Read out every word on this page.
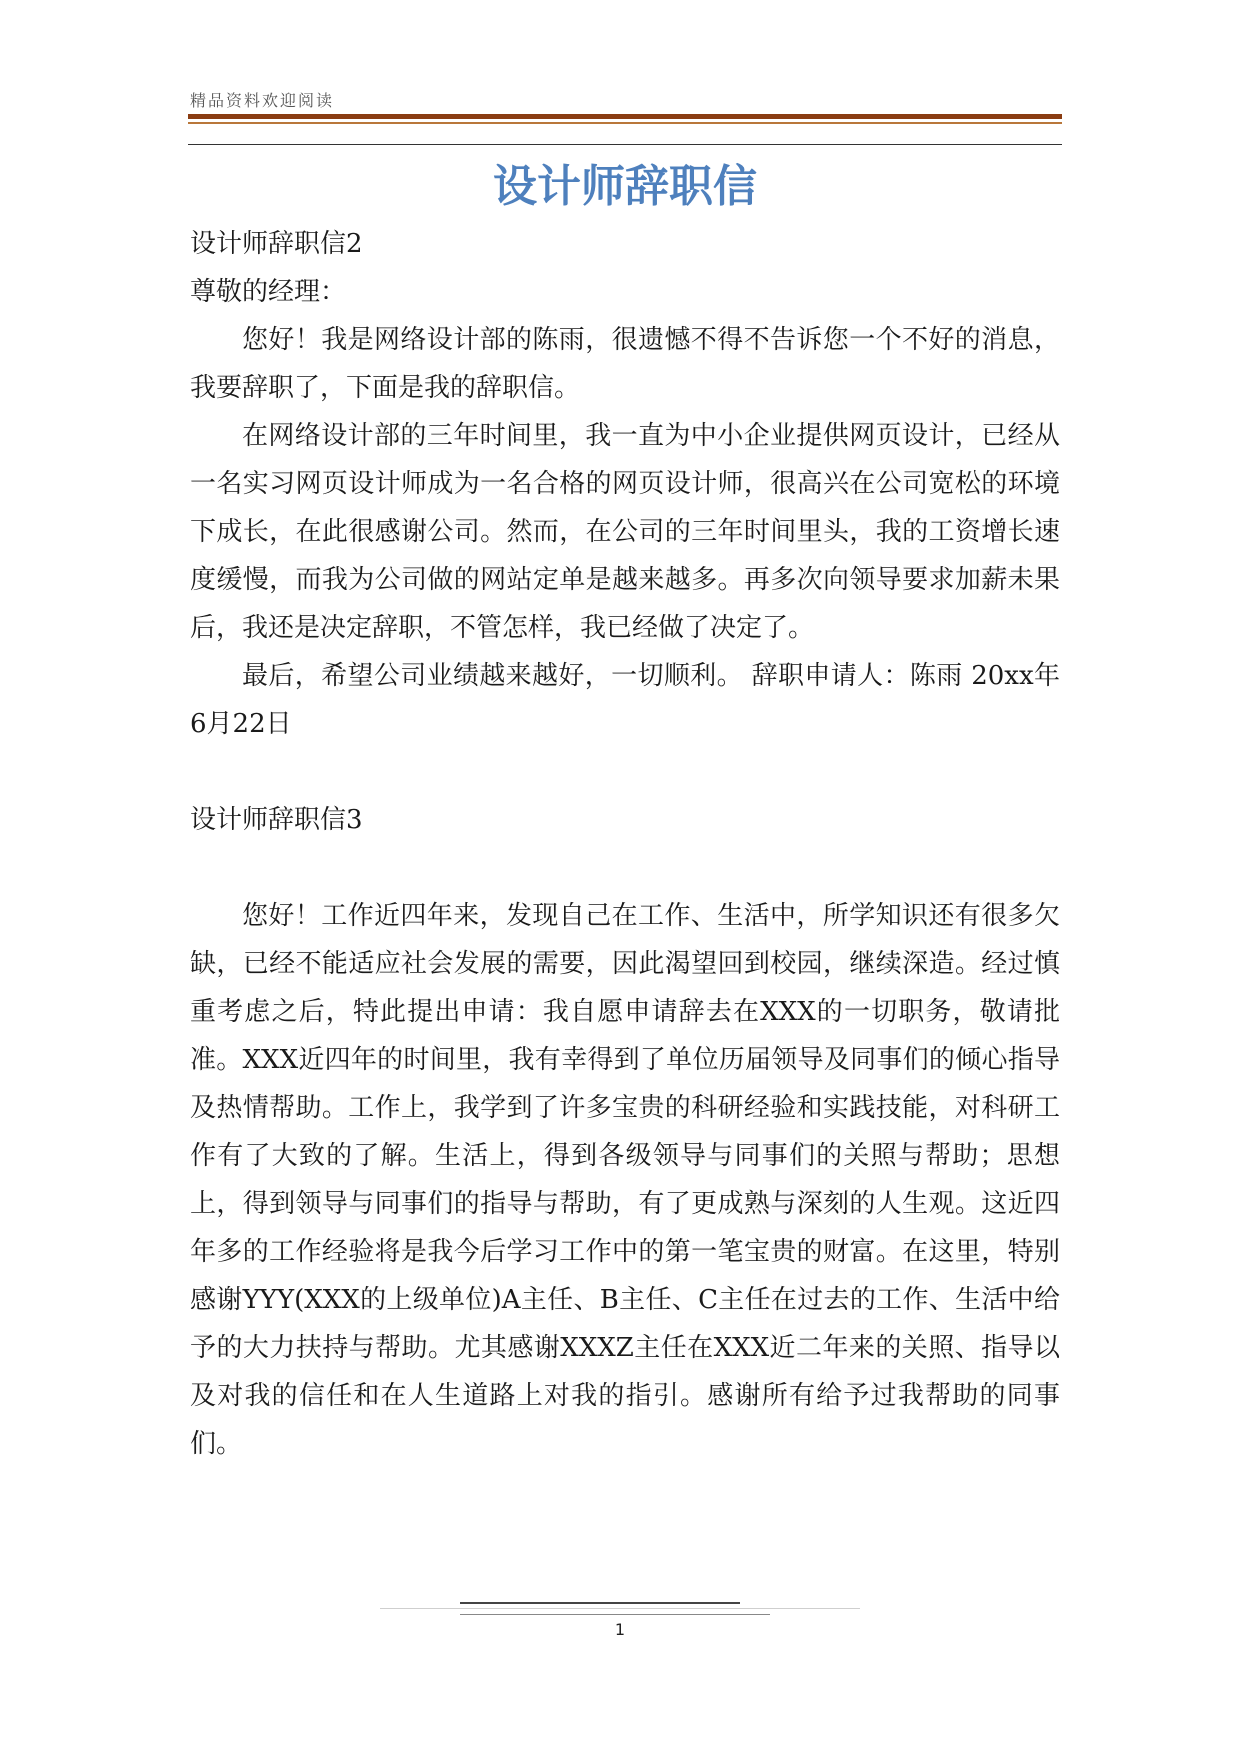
精品资料欢迎阅读
设计师辞职信

设计师辞职信2

尊敬的经理：

您好！我是网络设计部的陈雨，很遗憾不得不告诉您一个不好的消息，我要辞职了，下面是我的辞职信。

在网络设计部的三年时间里，我一直为中小企业提供网页设计，已经从一名实习网页设计师成为一名合格的网页设计师，很高兴在公司宽松的环境下成长，在此很感谢公司。然而，在公司的三年时间里头，我的工资增长速度缓慢，而我为公司做的网站定单是越来越多。再多次向领导要求加薪未果后，我还是决定辞职，不管怎样，我已经做了决定了。

最后，希望公司业绩越来越好，一切顺利。 辞职申请人：陈雨 20xx年6月22日

设计师辞职信3

您好！工作近四年来，发现自己在工作、生活中，所学知识还有很多欠缺，已经不能适应社会发展的需要，因此渴望回到校园，继续深造。经过慎重考虑之后，特此提出申请：我自愿申请辞去在XXX的一切职务，敬请批准。XXX近四年的时间里，我有幸得到了单位历届领导及同事们的倾心指导及热情帮助。工作上，我学到了许多宝贵的科研经验和实践技能，对科研工作有了大致的了解。生活上，得到各级领导与同事们的关照与帮助；思想上，得到领导与同事们的指导与帮助，有了更成熟与深刻的人生观。这近四年多的工作经验将是我今后学习工作中的第一笔宝贵的财富。在这里，特别感谢YYY(XXX的上级单位)A主任、B主任、C主任在过去的工作、生活中给予的大力扶持与帮助。尤其感谢XXXZ主任在XXX近二年来的关照、指导以及对我的信任和在人生道路上对我的指引。感谢所有给予过我帮助的同事们。

1
